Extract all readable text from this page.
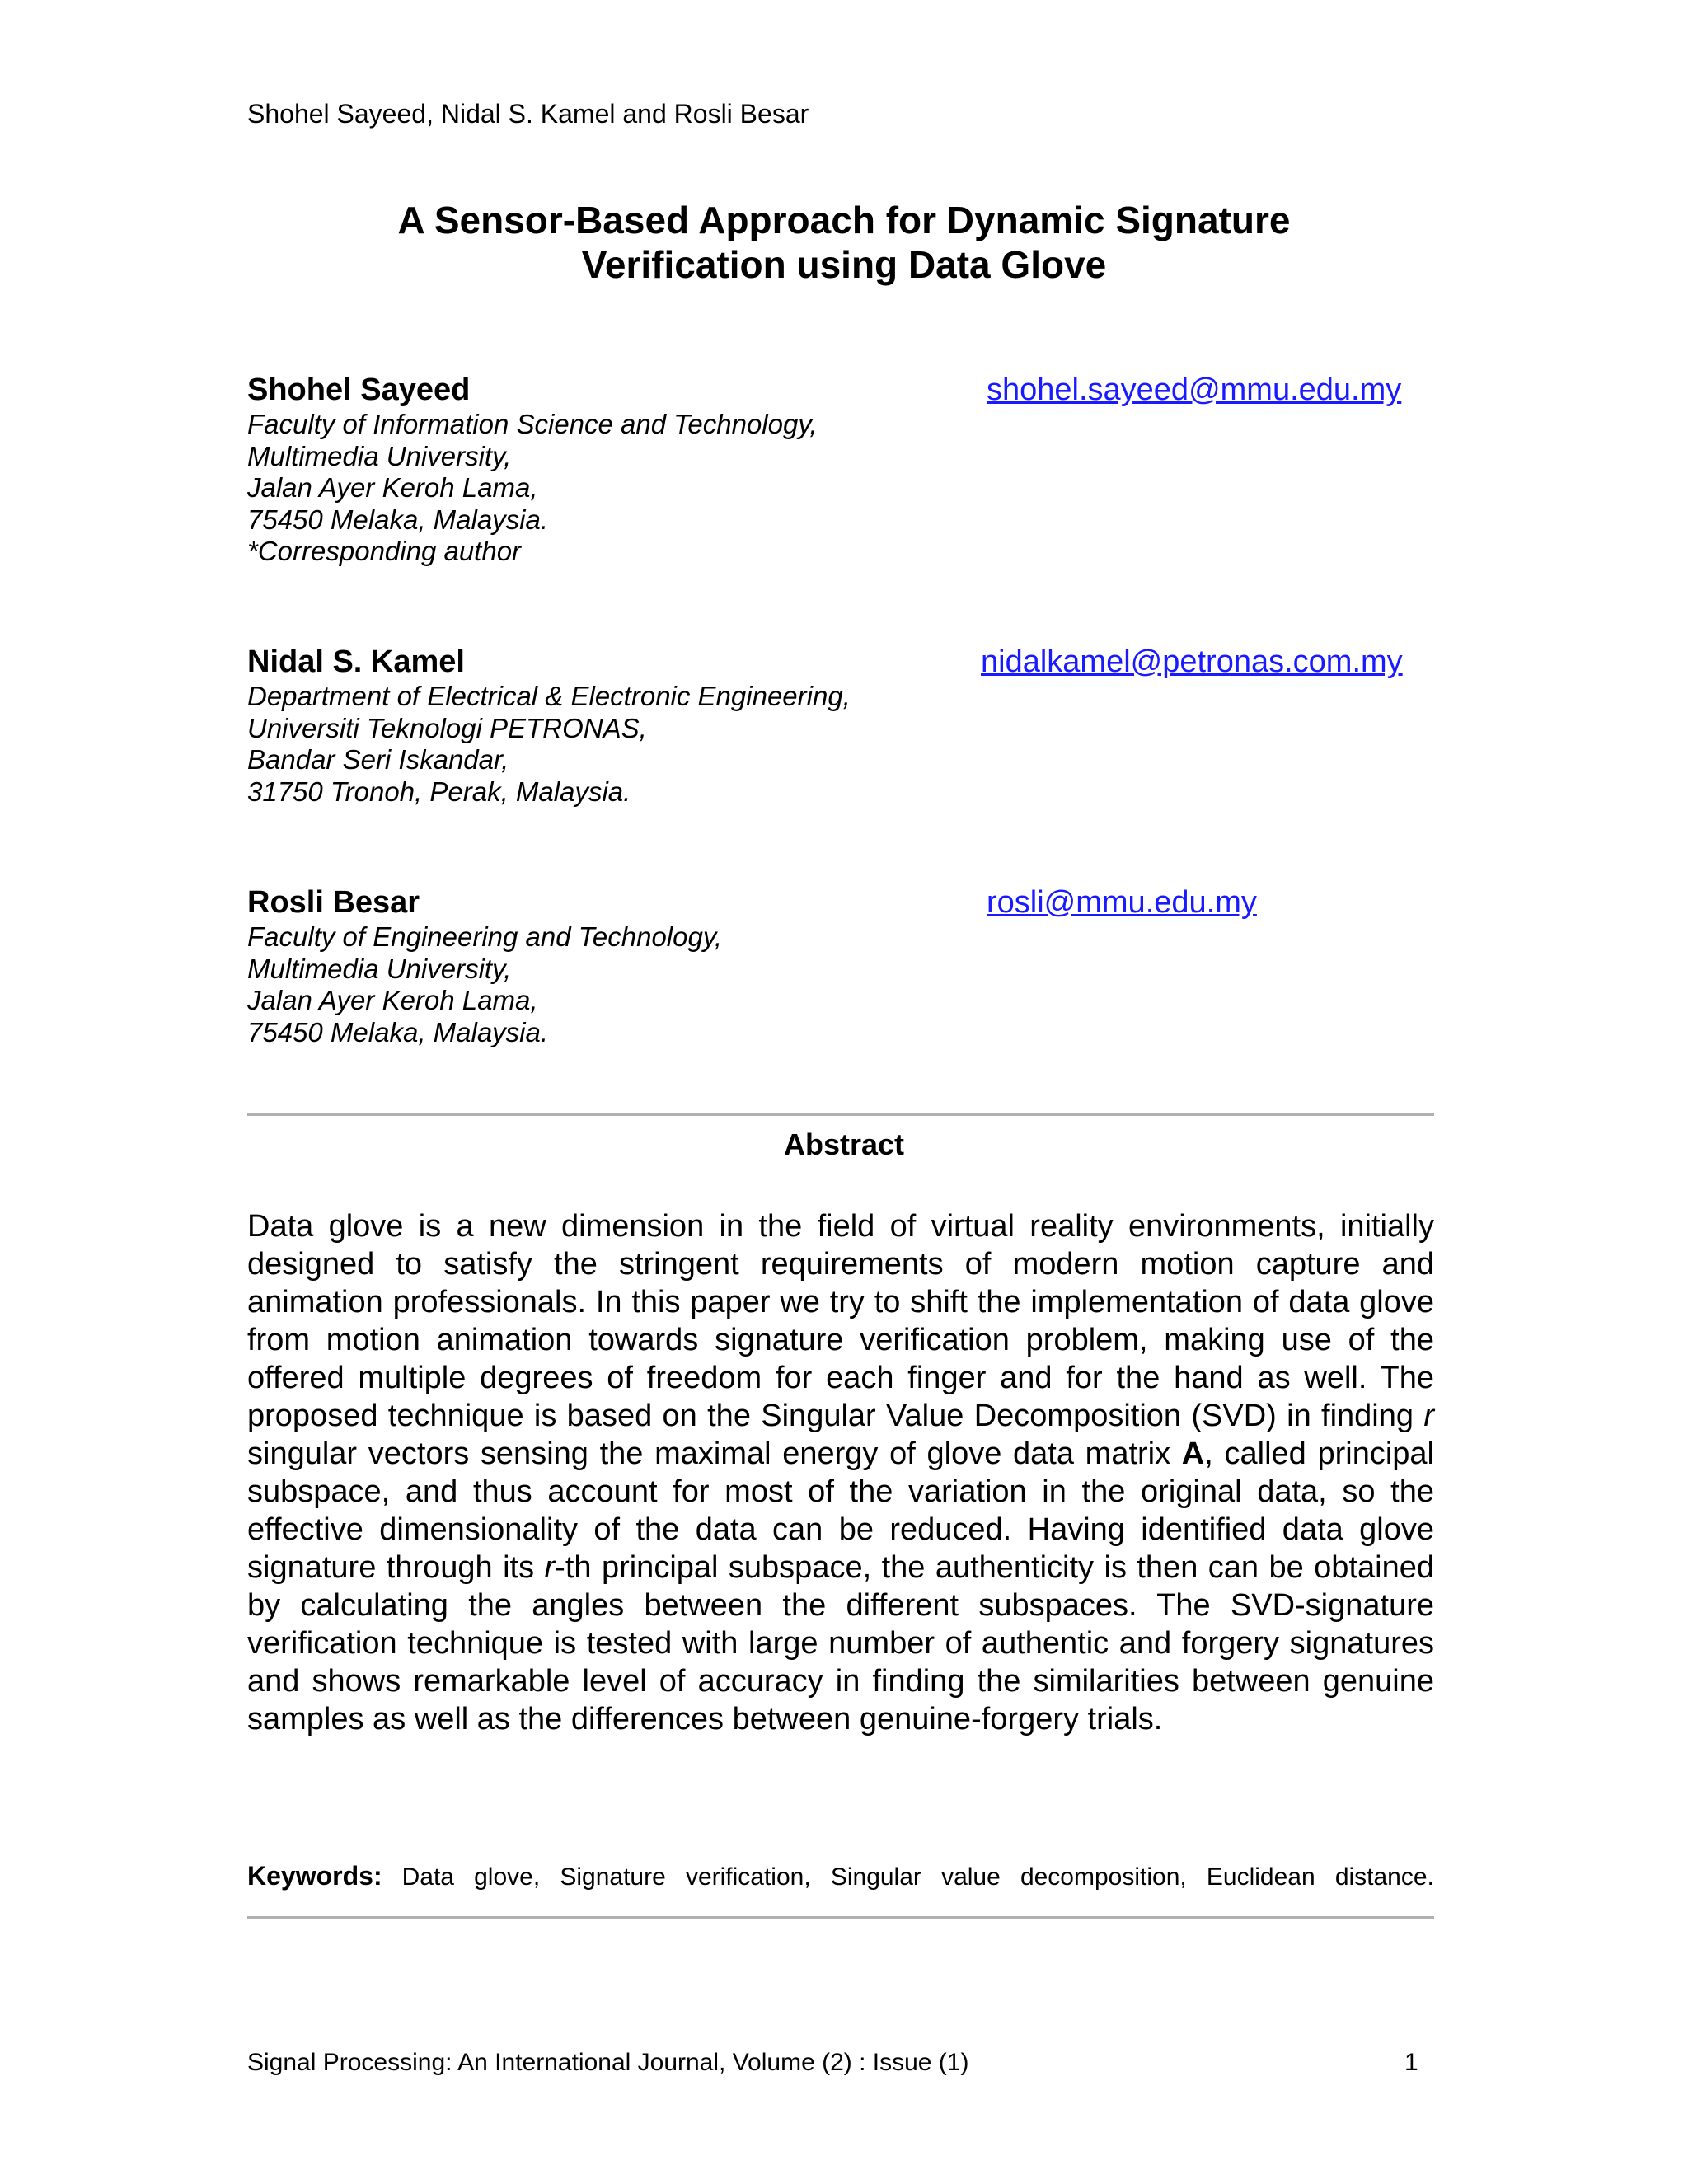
Shohel Sayeed, Nidal S. Kamel and Rosli Besar
A Sensor-Based Approach for Dynamic Signature
Verification using Data Glove
Shohel Sayeed	shohel.sayeed@mmu.edu.my
Faculty of Information Science and Technology,
Multimedia University,
Jalan Ayer Keroh Lama,
75450 Melaka, Malaysia.
*Corresponding author
Nidal S. Kamel	nidalkamel@petronas.com.my
Department of Electrical & Electronic Engineering,
Universiti Teknologi PETRONAS,
Bandar Seri Iskandar,
31750 Tronoh, Perak, Malaysia.
Rosli Besar	rosli@mmu.edu.my
Faculty of Engineering and Technology,
Multimedia University,
Jalan Ayer Keroh Lama,
75450 Melaka, Malaysia.
Abstract
Data glove is a new dimension in the field of virtual reality environments, initially designed to satisfy the stringent requirements of modern motion capture and animation professionals. In this paper we try to shift the implementation of data glove from motion animation towards signature verification problem, making use of the offered multiple degrees of freedom for each finger and for the hand as well. The proposed technique is based on the Singular Value Decomposition (SVD) in finding r singular vectors sensing the maximal energy of glove data matrix A, called principal subspace, and thus account for most of the variation in the original data, so the effective dimensionality of the data can be reduced. Having identified data glove signature through its r-th principal subspace, the authenticity is then can be obtained by calculating the angles between the different subspaces. The SVD-signature verification technique is tested with large number of authentic and forgery signatures and shows remarkable level of accuracy in finding the similarities between genuine samples as well as the differences between genuine-forgery trials.
Keywords: Data glove, Signature verification, Singular value decomposition, Euclidean distance.
Signal Processing: An International Journal, Volume (2) : Issue (1)	1
